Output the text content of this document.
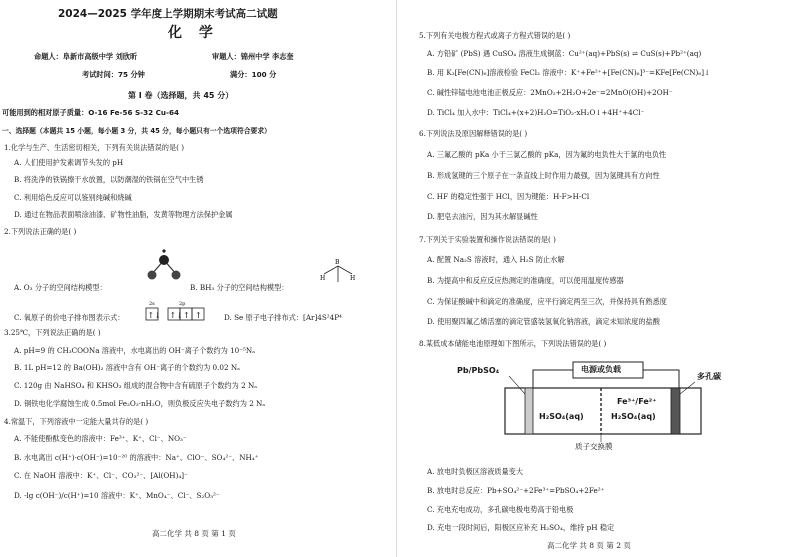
2024—2025 学年度上学期期末考试高二试题
化 学
命题人：阜新市高级中学 刘欣昕	审题人：锦州中学 李志奎
考试时间：75 分钟	满分：100 分
第 I 卷（选择题，共 45 分）
可能用到的相对原子质量：O-16 Fe-56 S-32 Cu-64
一、选择题（本题共 15 小题，每小题 3 分，共 45 分，每小题只有一个选项符合要求）
1.化学与生产、生活密切相关，下列有关说法错误的是( )
A. 人们使用护发素调节头发的 pH
B. 将洗净的铁锅擦干水放置，以防潮湿的铁锅在空气中生锈
C. 利用焰色反应可以鉴别纯碱和烧碱
D. 通过在物品表面喷涂油漆、矿物性油脂，发黄等物理方法保护金属
2.下列说法正确的是( )
B
H	H
A. O₃ 分子的空间结构模型：	B. BH₃ 分子的空间结构模型：
C. 氧原子的价电子排布图表示式：
2s	2p
↑↓ ↑↓ ↑ ↑	D. Se 原子电子排布式：[Ar]4S²4P⁴
3.25℃，下列说法正确的是( )
A. pH=9 的 CH₃COONa 溶液中，水电离出的 OH⁻离子个数约为 10⁻⁵Nₐ
B. 1L pH=12 的 Ba(OH)₂ 溶液中含有 OH⁻离子的个数约为 0.02 Nₐ
C. 120g 由 NaHSO₄ 和 KHSO₃ 组成的混合物中含有硫原子个数约为 2 Nₐ
D. 铜铁电化学腐蚀生成 0.5mol Fe₂O₃·nH₂O，则负极反应失电子数约为 2 Nₐ
4.常温下，下列溶液中一定能大量共存的是( )
A. 不能使酚酞变色的溶液中：Fe³⁺、K⁺、Cl⁻、NO₃⁻
B. 水电离出 c(H⁺)·c(OH⁻)=10⁻²⁰ 的溶液中：Na⁺、ClO⁻、SO₄²⁻、NH₄⁺
C. 在 NaOH 溶液中：K⁺、Cl⁻、CO₃²⁻、[Al(OH)₄]⁻
D. -lg c(OH⁻)/c(H⁺)=10 溶液中：K⁺、MnO₄⁻、Cl⁻、S₂O₃²⁻
高二化学 共 8 页 第 1 页
5.下列有关电极方程式或离子方程式错误的是( )
A. 方铅矿 (PbS) 遇 CuSO₄ 溶液生成铜蓝：Cu²⁺(aq)+PbS(s) ⇌ CuS(s)+Pb²⁺(aq)
B. 用 K₃[Fe(CN)₆]溶液检验 FeCl₂ 溶液中：K⁺+Fe²⁺+[Fe(CN)₆]³⁻=KFe[Fe(CN)₆]↓
C. 碱性锌锰电池电池正极反应：2MnO₂+2H₂O+2e⁻=2MnO(OH)+2OH⁻
D. TiCl₄ 加入水中：TiCl₄+(x+2)H₂O=TiO₂·xH₂O↓+4H⁺+4Cl⁻
6.下列说法及原因解释错误的是( )
A. 三氟乙酸的 pKa 小于三氯乙酸的 pKa，因为氟的电负性大于氯的电负性
B. 形成氢键的三个原子在一条直线上时作用力最强，因为氢键具有方向性
C. HF 的稳定性强于 HCl，因为键能：H-F>H-Cl
D. 肥皂去油污，因为其水解显碱性
7.下列关于实验装置和操作说法错误的是( )
A. 配置 Na₂S 溶液时，通入 H₂S 防止水解
B. 为提高中和反应反应热测定的准确度，可以使用温度传感器
C. 为保证酸碱中和滴定的准确度，应平行滴定两至三次，并保持具有熟悉度
D. 使用聚四氟乙烯活塞的滴定管盛装氢氧化钠溶液，滴定未知浓度的盐酸
8.某低成本储能电池原理如下图所示，下列说法错误的是( )
电源或负载
Pb/PbSO₄
多孔碳
H₂SO₄(aq)
Fe³⁺/Fe²⁺
H₂SO₄(aq)
质子交换膜
A. 放电时负极区溶液质量变大
B. 放电时总反应：Pb+SO₄²⁻+2Fe³⁺=PbSO₄+2Fe²⁺
C. 充电充电成功，多孔碳电极电势高于铅电极
D. 充电一段时间后，阳极区应补充 H₂SO₄，维持 pH 稳定
高二化学 共 8 页 第 2 页
